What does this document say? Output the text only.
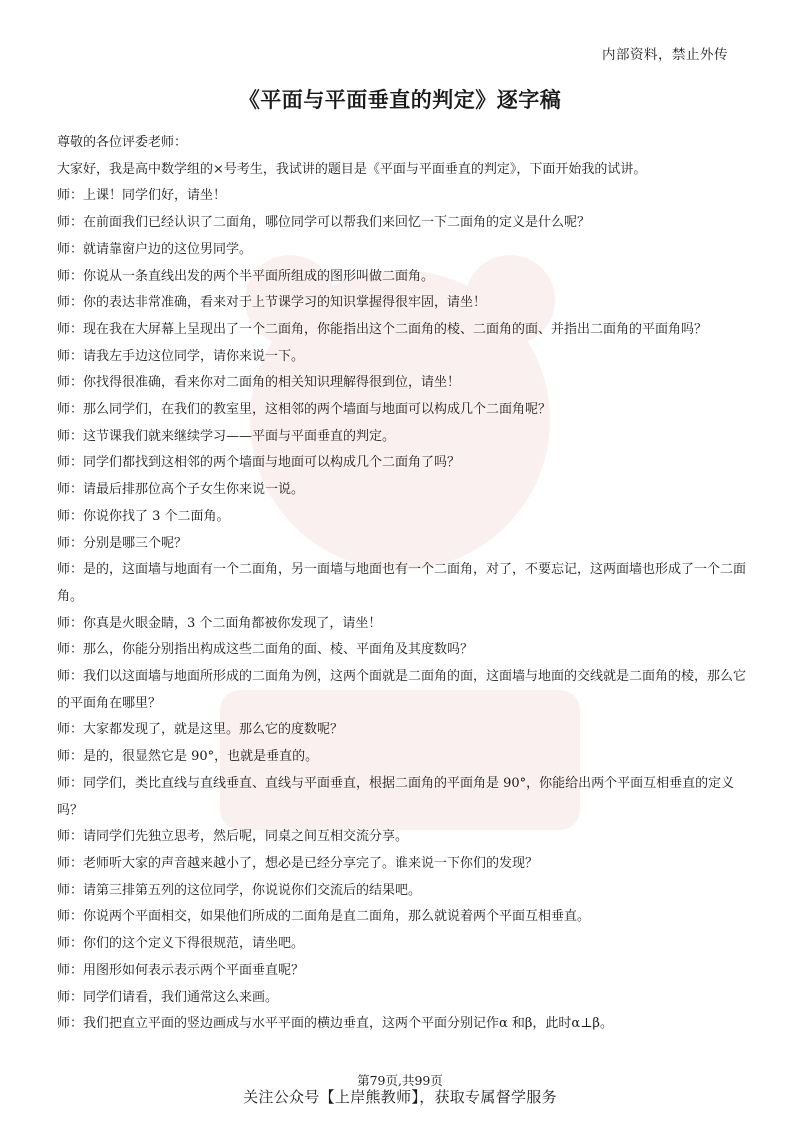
内部资料，禁止外传
《平面与平面垂直的判定》逐字稿
尊敬的各位评委老师：
大家好，我是高中数学组的×号考生，我试讲的题目是《平面与平面垂直的判定》，下面开始我的试讲。
师：上课！同学们好，请坐！
师：在前面我们已经认识了二面角，哪位同学可以帮我们来回忆一下二面角的定义是什么呢？
师：就请靠窗户边的这位男同学。
师：你说从一条直线出发的两个半平面所组成的图形叫做二面角。
师：你的表达非常准确，看来对于上节课学习的知识掌握得很牢固，请坐！
师：现在我在大屏幕上呈现出了一个二面角，你能指出这个二面角的棱、二面角的面、并指出二面角的平面角吗？
师：请我左手边这位同学，请你来说一下。
师：你找得很准确，看来你对二面角的相关知识理解得很到位，请坐！
师：那么同学们，在我们的教室里，这相邻的两个墙面与地面可以构成几个二面角呢？
师：这节课我们就来继续学习——平面与平面垂直的判定。
师：同学们都找到这相邻的两个墙面与地面可以构成几个二面角了吗？
师：请最后排那位高个子女生你来说一说。
师：你说你找了 3 个二面角。
师：分别是哪三个呢？
师：是的，这面墙与地面有一个二面角，另一面墙与地面也有一个二面角，对了，不要忘记，这两面墙也形成了一个二面角。
师：你真是火眼金睛，3 个二面角都被你发现了，请坐！
师：那么，你能分别指出构成这些二面角的面、棱、平面角及其度数吗？
师：我们以这面墙与地面所形成的二面角为例，这两个面就是二面角的面，这面墙与地面的交线就是二面角的棱，那么它的平面角在哪里？
师：大家都发现了，就是这里。那么它的度数呢？
师：是的，很显然它是 90°，也就是垂直的。
师：同学们，类比直线与直线垂直、直线与平面垂直，根据二面角的平面角是 90°，你能给出两个平面互相垂直的定义吗？
师：请同学们先独立思考，然后呢，同桌之间互相交流分享。
师：老师听大家的声音越来越小了，想必是已经分享完了。谁来说一下你们的发现？
师：请第三排第五列的这位同学，你说说你们交流后的结果吧。
师：你说两个平面相交，如果他们所成的二面角是直二面角，那么就说着两个平面互相垂直。
师：你们的这个定义下得很规范，请坐吧。
师：用图形如何表示表示两个平面垂直呢？
师：同学们请看，我们通常这么来画。
师：我们把直立平面的竖边画成与水平平面的横边垂直，这两个平面分别记作α 和β，此时α⊥β。
第79页,共99页
关注公众号【上岸熊教师】，获取专属督学服务
